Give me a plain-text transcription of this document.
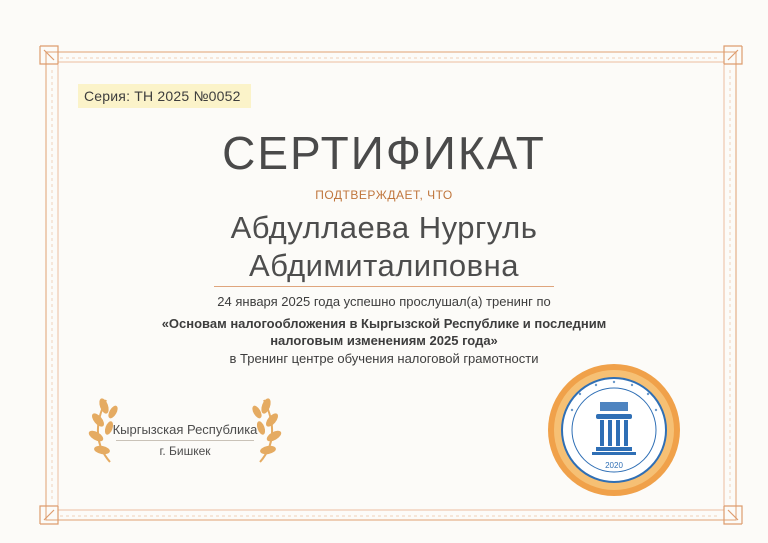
Серия: ТН 2025 №0052
СЕРТИФИКАТ
ПОДТВЕРЖДАЕТ, ЧТО
Абдуллаева Нургуль
Абдимиталиповна
24 января 2025 года успешно прослушал(а) тренинг по
«Основам налогообложения в Кыргызской Республике и последним
налоговым изменениям 2025 года»
в Тренинг центре обучения налоговой грамотности
Кыргызская Республика
г. Бишкек
2020
